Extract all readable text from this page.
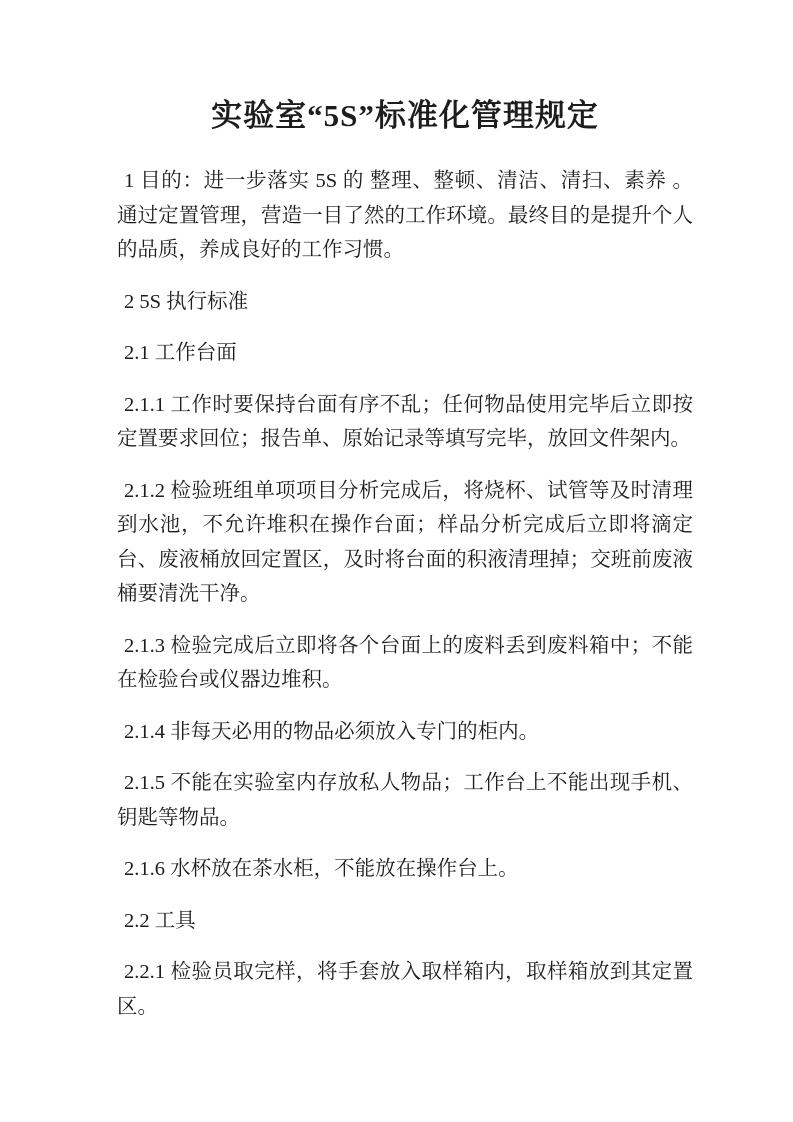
实验室“5S”标准化管理规定

1 目的：进一步落实 5S 的 整理、整顿、清洁、清扫、素养 。通过定置管理，营造一目了然的工作环境。最终目的是提升个人的品质，养成良好的工作习惯。

2 5S 执行标准

2.1 工作台面

2.1.1 工作时要保持台面有序不乱；任何物品使用完毕后立即按定置要求回位；报告单、原始记录等填写完毕，放回文件架内。

2.1.2 检验班组单项项目分析完成后，将烧杯、试管等及时清理到水池，不允许堆积在操作台面；样品分析完成后立即将滴定台、废液桶放回定置区，及时将台面的积液清理掉；交班前废液桶要清洗干净。

2.1.3 检验完成后立即将各个台面上的废料丢到废料箱中；不能在检验台或仪器边堆积。

2.1.4 非每天必用的物品必须放入专门的柜内。

2.1.5 不能在实验室内存放私人物品；工作台上不能出现手机、钥匙等物品。

2.1.6 水杯放在茶水柜，不能放在操作台上。

2.2 工具

2.2.1 检验员取完样，将手套放入取样箱内，取样箱放到其定置区。
